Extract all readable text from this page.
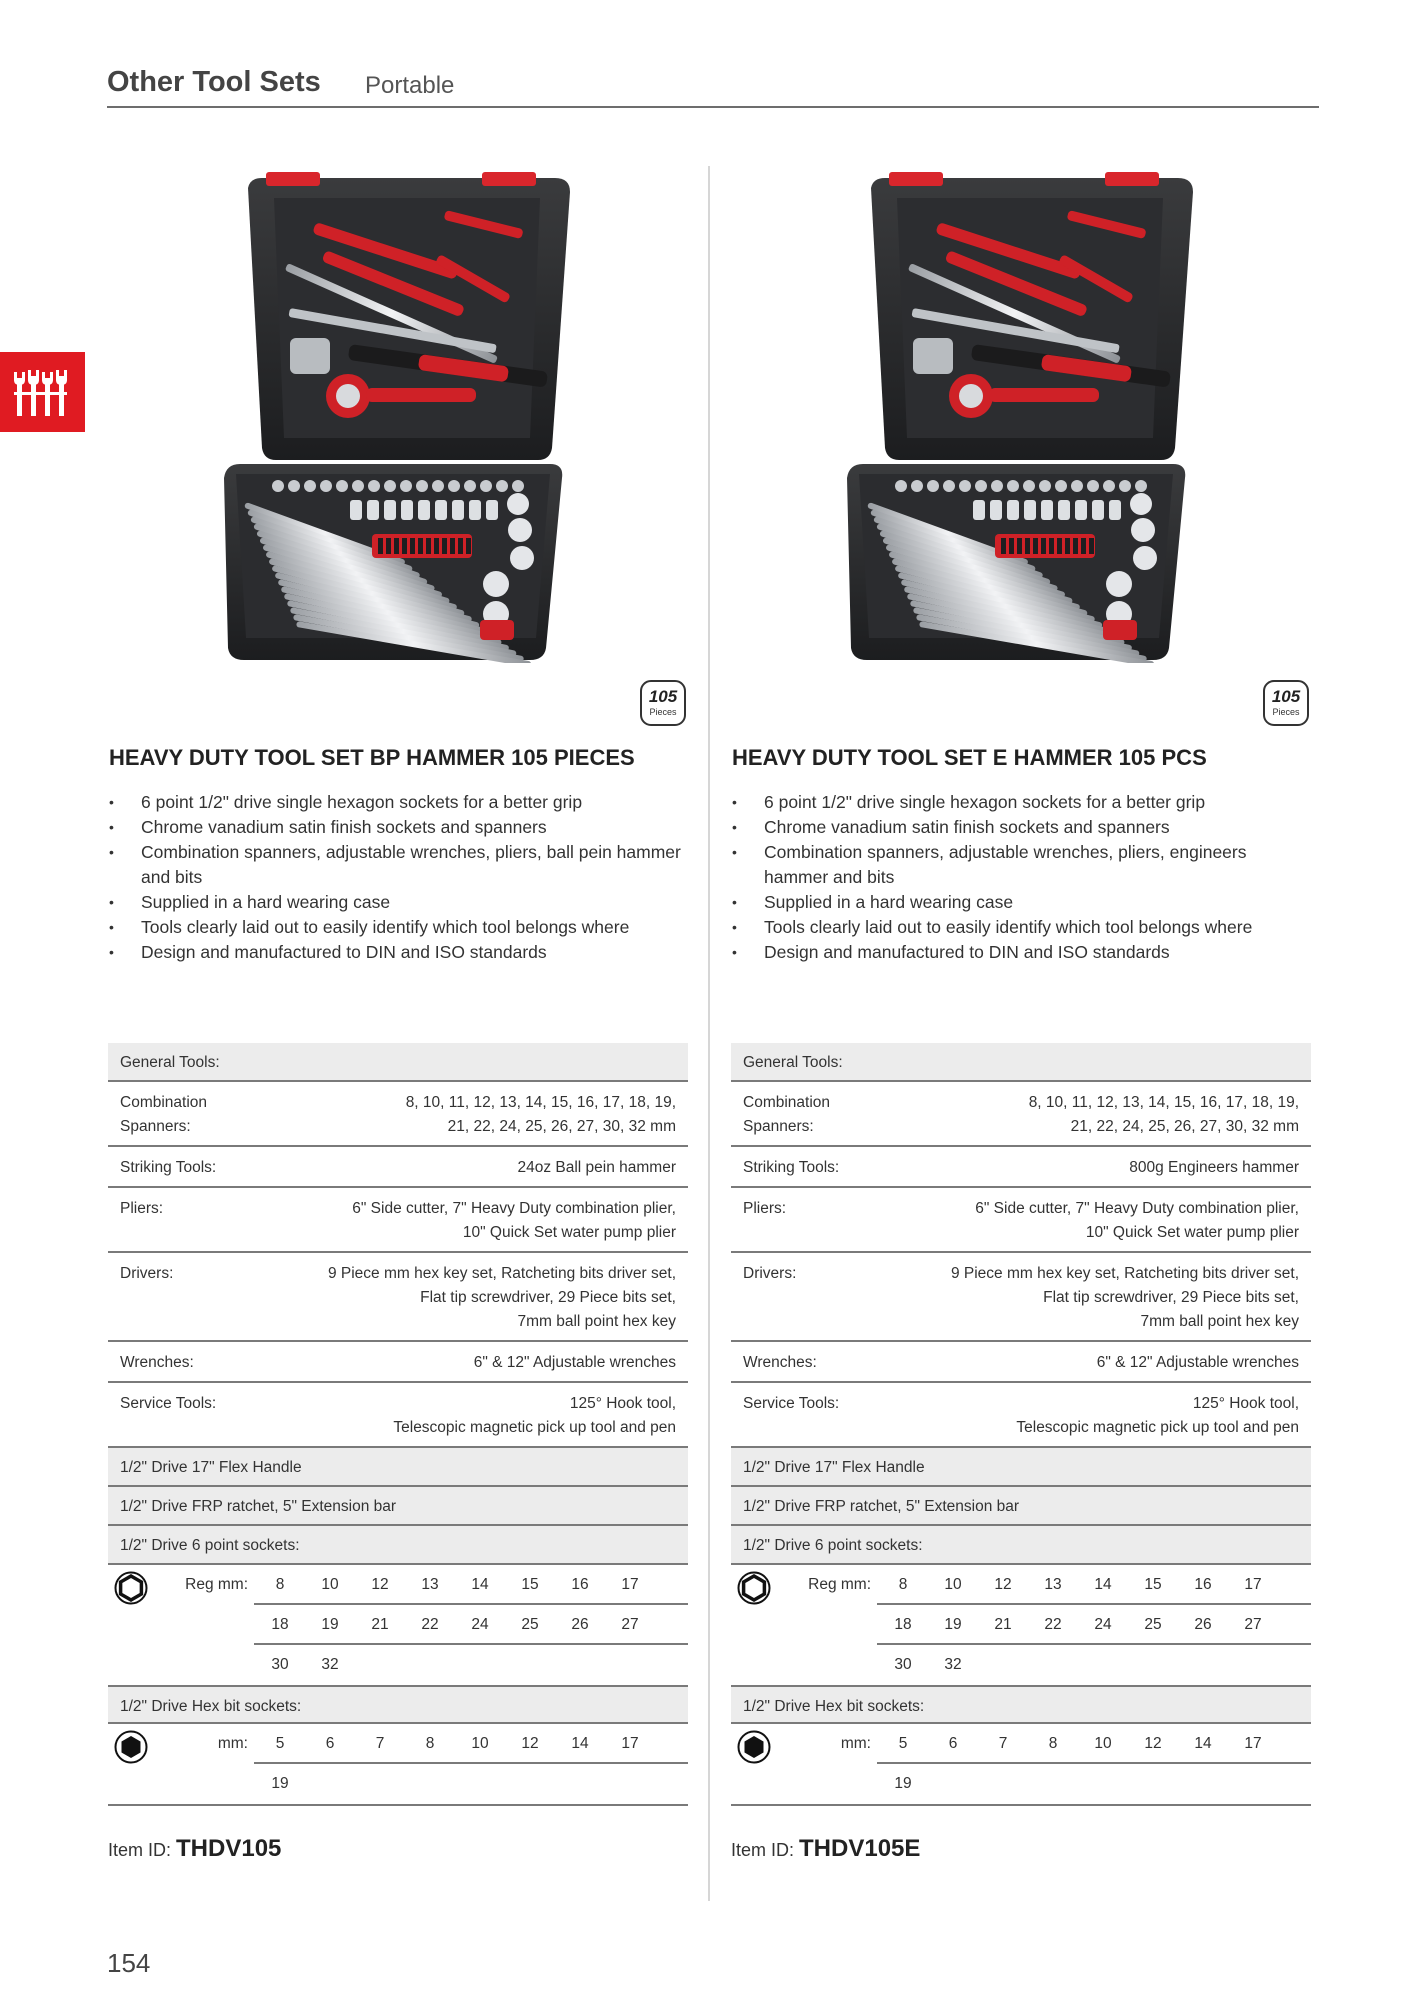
Other Tool Sets Portable
105
Pieces
HEAVY DUTY TOOL SET BP HAMMER 105 PIECES
• 6 point 1/2" drive single hexagon sockets for a better grip
• Chrome vanadium satin finish sockets and spanners
• Combination spanners, adjustable wrenches, pliers, ball pein hammer and bits
• Supplied in a hard wearing case
• Tools clearly laid out to easily identify which tool belongs where
• Design and manufactured to DIN and ISO standards
General Tools:
Combination Spanners:
8, 10, 11, 12, 13, 14, 15, 16, 17, 18, 19,
21, 22, 24, 25, 26, 27, 30, 32 mm
Striking Tools:	24oz Ball pein hammer
Pliers:	6" Side cutter, 7" Heavy Duty combination plier,
10" Quick Set water pump plier
Drivers:	9 Piece mm hex key set, Ratcheting bits driver set,
Flat tip screwdriver, 29 Piece bits set,
7mm ball point hex key
Wrenches:	6" & 12" Adjustable wrenches
Service Tools:	125° Hook tool,
Telescopic magnetic pick up tool and pen
1/2" Drive 17" Flex Handle
1/2" Drive FRP ratchet, 5" Extension bar
1/2" Drive 6 point sockets:
Reg mm:	8	10	12	13	14	15	16	17
18	19	21	22	24	25	26	27
30	32
1/2" Drive Hex bit sockets:
mm:	5	6	7	8	10	12	14	17
19
Item ID: THDV105
105
Pieces
HEAVY DUTY TOOL SET E HAMMER 105 PCS
• 6 point 1/2" drive single hexagon sockets for a better grip
• Chrome vanadium satin finish sockets and spanners
• Combination spanners, adjustable wrenches, pliers, engineers hammer and bits
• Supplied in a hard wearing case
• Tools clearly laid out to easily identify which tool belongs where
• Design and manufactured to DIN and ISO standards
General Tools:
Combination Spanners:
8, 10, 11, 12, 13, 14, 15, 16, 17, 18, 19,
21, 22, 24, 25, 26, 27, 30, 32 mm
Striking Tools:	800g Engineers hammer
Pliers:	6" Side cutter, 7" Heavy Duty combination plier,
10" Quick Set water pump plier
Drivers:	9 Piece mm hex key set, Ratcheting bits driver set,
Flat tip screwdriver, 29 Piece bits set,
7mm ball point hex key
Wrenches:	6" & 12" Adjustable wrenches
Service Tools:	125° Hook tool,
Telescopic magnetic pick up tool and pen
1/2" Drive 17" Flex Handle
1/2" Drive FRP ratchet, 5" Extension bar
1/2" Drive 6 point sockets:
Reg mm:	8	10	12	13	14	15	16	17
18	19	21	22	24	25	26	27
30	32
1/2" Drive Hex bit sockets:
mm:	5	6	7	8	10	12	14	17
19
Item ID: THDV105E
154
